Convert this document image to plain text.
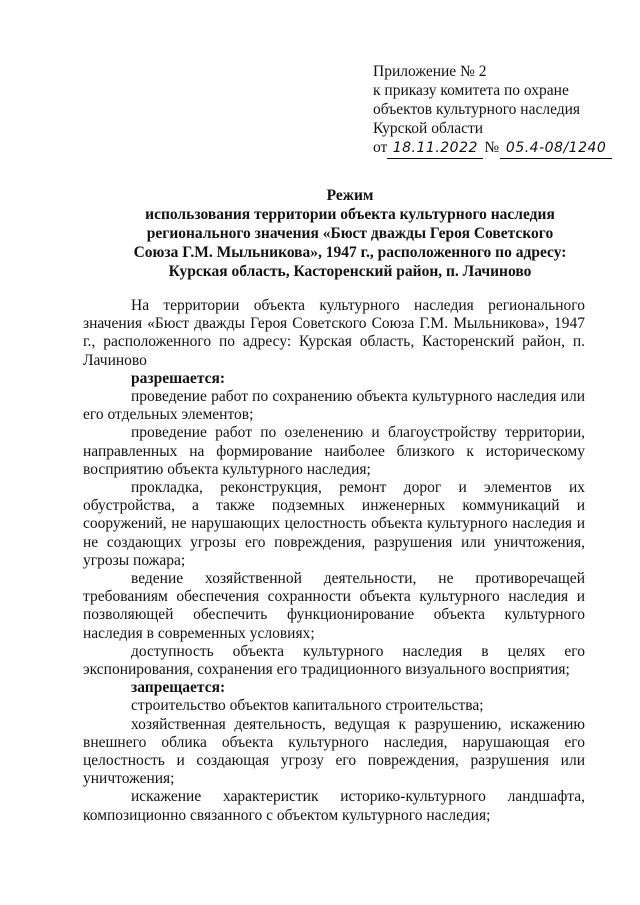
Приложение № 2
к приказу комитета по охране
объектов культурного наследия
Курской области
от 18.11.2022 № 05.4-08/1240
Режим
использования территории объекта культурного наследия
регионального значения «Бюст дважды Героя Советского
Союза Г.М. Мыльникова», 1947 г., расположенного по адресу:
Курская область, Касторенский район, п. Лачиново

На территории объекта культурного наследия регионального значения «Бюст дважды Героя Советского Союза Г.М. Мыльникова», 1947 г., расположенного по адресу: Курская область, Касторенский район, п. Лачиново

разрешается:

проведение работ по сохранению объекта культурного наследия или его отдельных элементов;

проведение работ по озеленению и благоустройству территории, направленных на формирование наиболее близкого к историческому восприятию объекта культурного наследия;

прокладка, реконструкция, ремонт дорог и элементов их обустройства, а также подземных инженерных коммуникаций и сооружений, не нарушающих целостность объекта культурного наследия и не создающих угрозы его повреждения, разрушения или уничтожения, угрозы пожара;

ведение хозяйственной деятельности, не противоречащей требованиям обеспечения сохранности объекта культурного наследия и позволяющей обеспечить функционирование объекта культурного наследия в современных условиях;

доступность объекта культурного наследия в целях его экспонирования, сохранения его традиционного визуального восприятия;

запрещается:

строительство объектов капитального строительства;

хозяйственная деятельность, ведущая к разрушению, искажению внешнего облика объекта культурного наследия, нарушающая его целостность и создающая угрозу его повреждения, разрушения или уничтожения;

искажение характеристик историко-культурного ландшафта, композиционно связанного с объектом культурного наследия;
